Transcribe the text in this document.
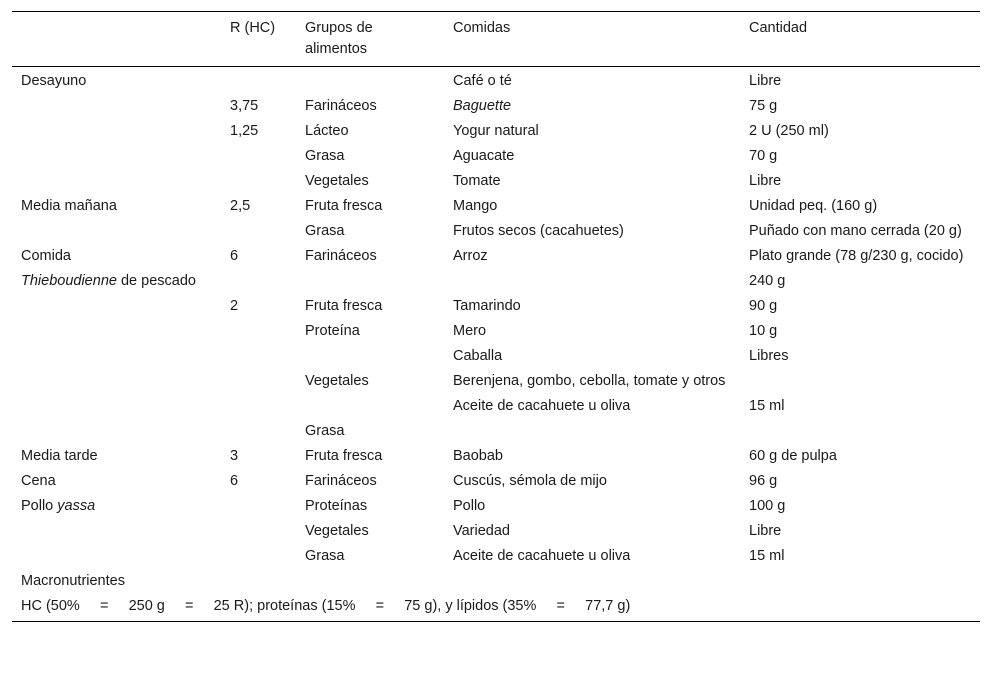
	R (HC)	Grupos de alimentos	Comidas	Cantidad
Desayuno			Café o té	Libre
	3,75	Farináceos	Baguette	75 g
	1,25	Lácteo	Yogur natural	2 U (250 ml)
		Grasa	Aguacate	70 g
		Vegetales	Tomate	Libre
Media mañana	2,5	Fruta fresca	Mango	Unidad peq. (160 g)
		Grasa	Frutos secos (cacahuetes)	Puñado con mano cerrada (20 g)
Comida	6	Farináceos	Arroz	Plato grande (78 g/230 g, cocido)
Thieboudienne de pescado				240 g
	2	Fruta fresca	Tamarindo	90 g
		Proteína	Mero	10 g
			Caballa	Libres
		Vegetales	Berenjena, gombo, cebolla, tomate y otros	
			Aceite de cacahuete u oliva	15 ml
		Grasa		
Media tarde	3	Fruta fresca	Baobab	60 g de pulpa
Cena	6	Farináceos	Cuscús, sémola de mijo	96 g
Pollo yassa		Proteínas	Pollo	100 g
		Vegetales	Variedad	Libre
		Grasa	Aceite de cacahuete u oliva	15 ml
Macronutrientes				
HC (50%     =     250 g     =     25 R); proteínas (15%     =     75 g), y lípidos (35%     =     77,7 g)				
